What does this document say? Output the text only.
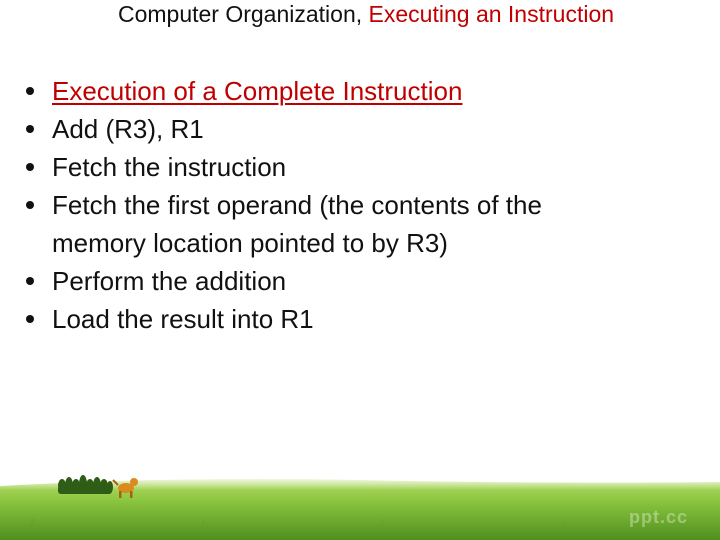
Computer Organization, Executing an Instruction
Execution of a Complete Instruction
Add (R3), R1
Fetch the instruction
Fetch the first operand (the contents of the
memory location pointed to by R3)
Perform the addition
Load the result into R1
ppt.cc
